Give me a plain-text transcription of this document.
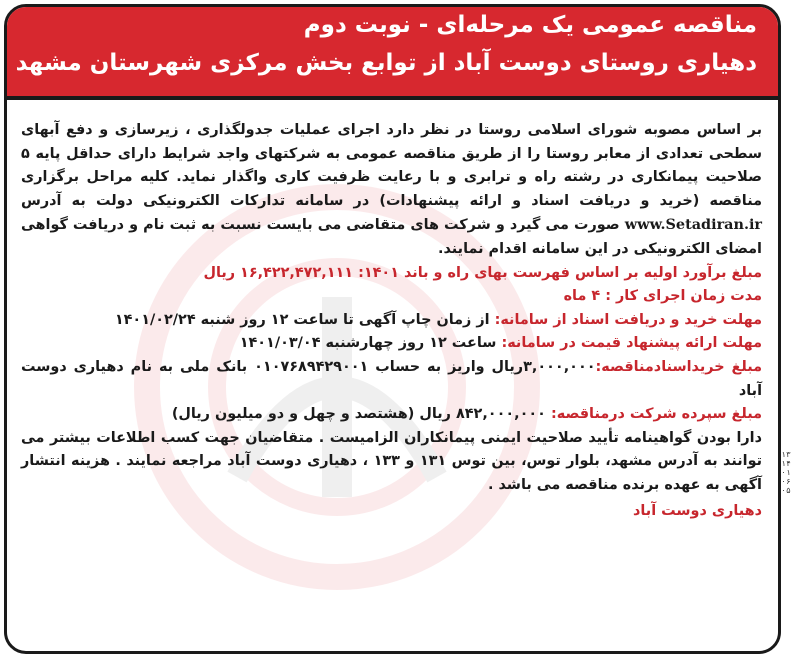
مناقصه عمومی یک مرحله‌ای - نوبت دوم

دهیاری روستای دوست آباد از توابع بخش مرکزی شهرستان مشهد

بر اساس مصوبه شورای اسلامی روستا در نظر دارد اجرای عملیات جدولگذاری ، زیرسازی و دفع آبهای سطحی تعدادی از معابر روستا را از طریق مناقصه عمومی به شرکتهای واجد شرایط دارای حداقل پایه ۵ صلاحیت پیمانکاری در رشته راه و ترابری و با رعایت ظرفیت کاری واگذار نماید. کلیه مراحل برگزاری مناقصه (خرید و دریافت اسناد و ارائه پیشنهادات) در سامانه تدارکات الکترونیکی دولت به آدرس www.Setadiran.ir صورت می گیرد و شرکت های متقاضی می بایست نسبت به ثبت نام و دریافت گواهی امضای الکترونیکی در این سامانه اقدام نمایند.

مبلغ برآورد اولیه بر اساس فهرست بهای راه و باند ۱۴۰۱: ۱۶,۴۲۲,۴۷۲,۱۱۱ ریال

مدت زمان اجرای کار : ۴ ماه

مهلت خرید و دریافت اسناد از سامانه: از زمان چاپ آگهی تا ساعت ۱۲ روز شنبه ۱۴۰۱/۰۲/۲۴

مهلت ارائه پیشنهاد قیمت در سامانه: ساعت ۱۲ روز چهارشنبه ۱۴۰۱/۰۳/۰۴

مبلغ خریداسنادمناقصه:۳,۰۰۰,۰۰۰ریال واریز به حساب ۰۱۰۷۶۸۹۴۲۹۰۰۱ بانک ملی به نام دهیاری دوست آباد

مبلغ سپرده شرکت درمناقصه: ۸۴۲,۰۰۰,۰۰۰ ریال (هشتصد و چهل و دو میلیون ریال)

دارا بودن گواهینامه تأیید صلاحیت ایمنی پیمانکاران الزامیست . متقاضیان جهت کسب اطلاعات بیشتر می توانند به آدرس مشهد، بلوار توس، بین توس ۱۳۱ و ۱۳۳ ، دهیاری دوست آباد مراجعه نمایند . هزینه انتشار آگهی به عهده برنده مناقصه می باشد .

دهیاری دوست آباد

۱۳۱۴۰۱۰۶۰۵
